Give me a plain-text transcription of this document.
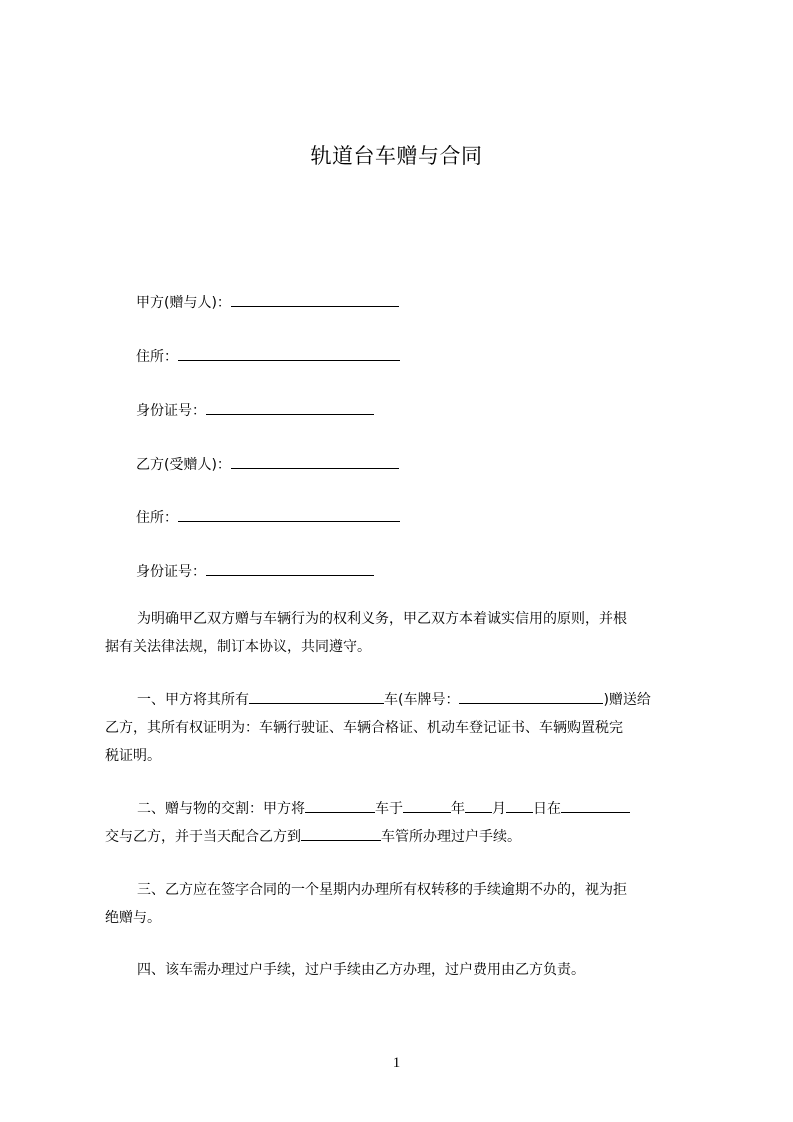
轨道台车赠与合同
甲方(赠与人)：
住所：
身份证号：
乙方(受赠人)：
住所：
身份证号：
为明确甲乙双方赠与车辆行为的权利义务，甲乙双方本着诚实信用的原则，并根
据有关法律法规，制订本协议，共同遵守。
一、甲方将其所有	车(车牌号：	)赠送给
乙方，其所有权证明为：车辆行驶证、车辆合格证、机动车登记证书、车辆购置税完
税证明。
二、赠与物的交割：甲方将	车于	年 月 日在
交与乙方，并于当天配合乙方到	车管所办理过户手续。
三、乙方应在签字合同的一个星期内办理所有权转移的手续逾期不办的，视为拒
绝赠与。
四、该车需办理过户手续，过户手续由乙方办理，过户费用由乙方负责。
1
